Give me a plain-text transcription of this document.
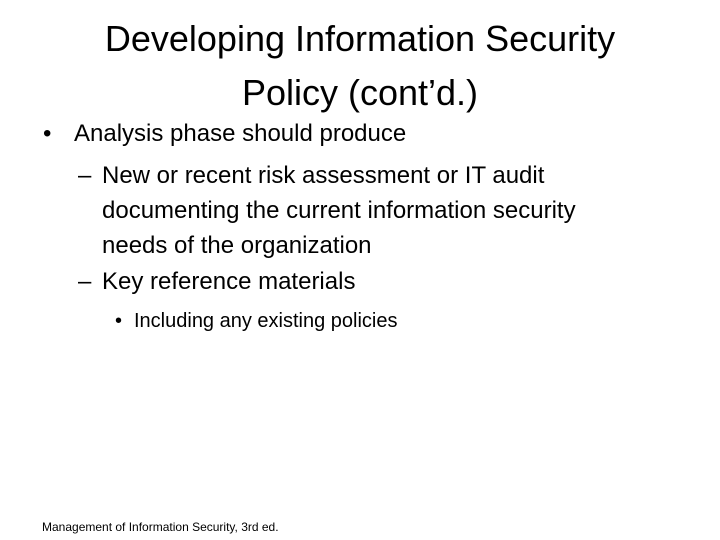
Developing Information Security
Policy (cont’d.)
• Analysis phase should produce
– New or recent risk assessment or IT audit
documenting the current information security
needs of the organization
– Key reference materials
• Including any existing policies
Management of Information Security, 3rd ed.
